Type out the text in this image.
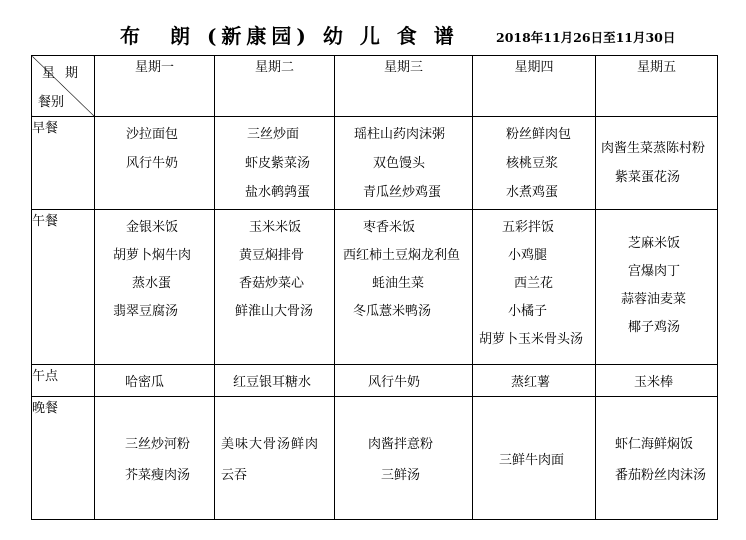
布　朗 (新康园) 幼 儿 食 谱	2018年11月26日至11月30日
星期
餐别	星期一	星期二	星期三	星期四	星期五
早餐	沙拉面包
风行牛奶	三丝炒面
虾皮紫菜汤
盐水鹌鹑蛋	瑶柱山药肉沫粥
双色馒头
青瓜丝炒鸡蛋	粉丝鲜肉包
核桃豆浆
水煮鸡蛋	肉酱生菜蒸陈村粉
紫菜蛋花汤

午餐	金银米饭
胡萝卜焖牛肉
蒸水蛋
翡翠豆腐汤	玉米米饭
黄豆焖排骨
香菇炒菜心
鲜淮山大骨汤	枣香米饭
西红柿土豆焖龙利鱼
蚝油生菜
冬瓜薏米鸭汤	五彩拌饭
小鸡腿
西兰花
小橘子
胡萝卜玉米骨头汤	芝麻米饭
宫爆肉丁
蒜蓉油麦菜
椰子鸡汤

午点	哈密瓜	红豆银耳糖水	风行牛奶	蒸红薯	玉米棒

晚餐	三丝炒河粉
芥菜瘦肉汤	美味大骨汤鲜肉
云吞	肉酱拌意粉
三鲜汤	三鲜牛肉面	虾仁海鲜焖饭
番茄粉丝肉沫汤
